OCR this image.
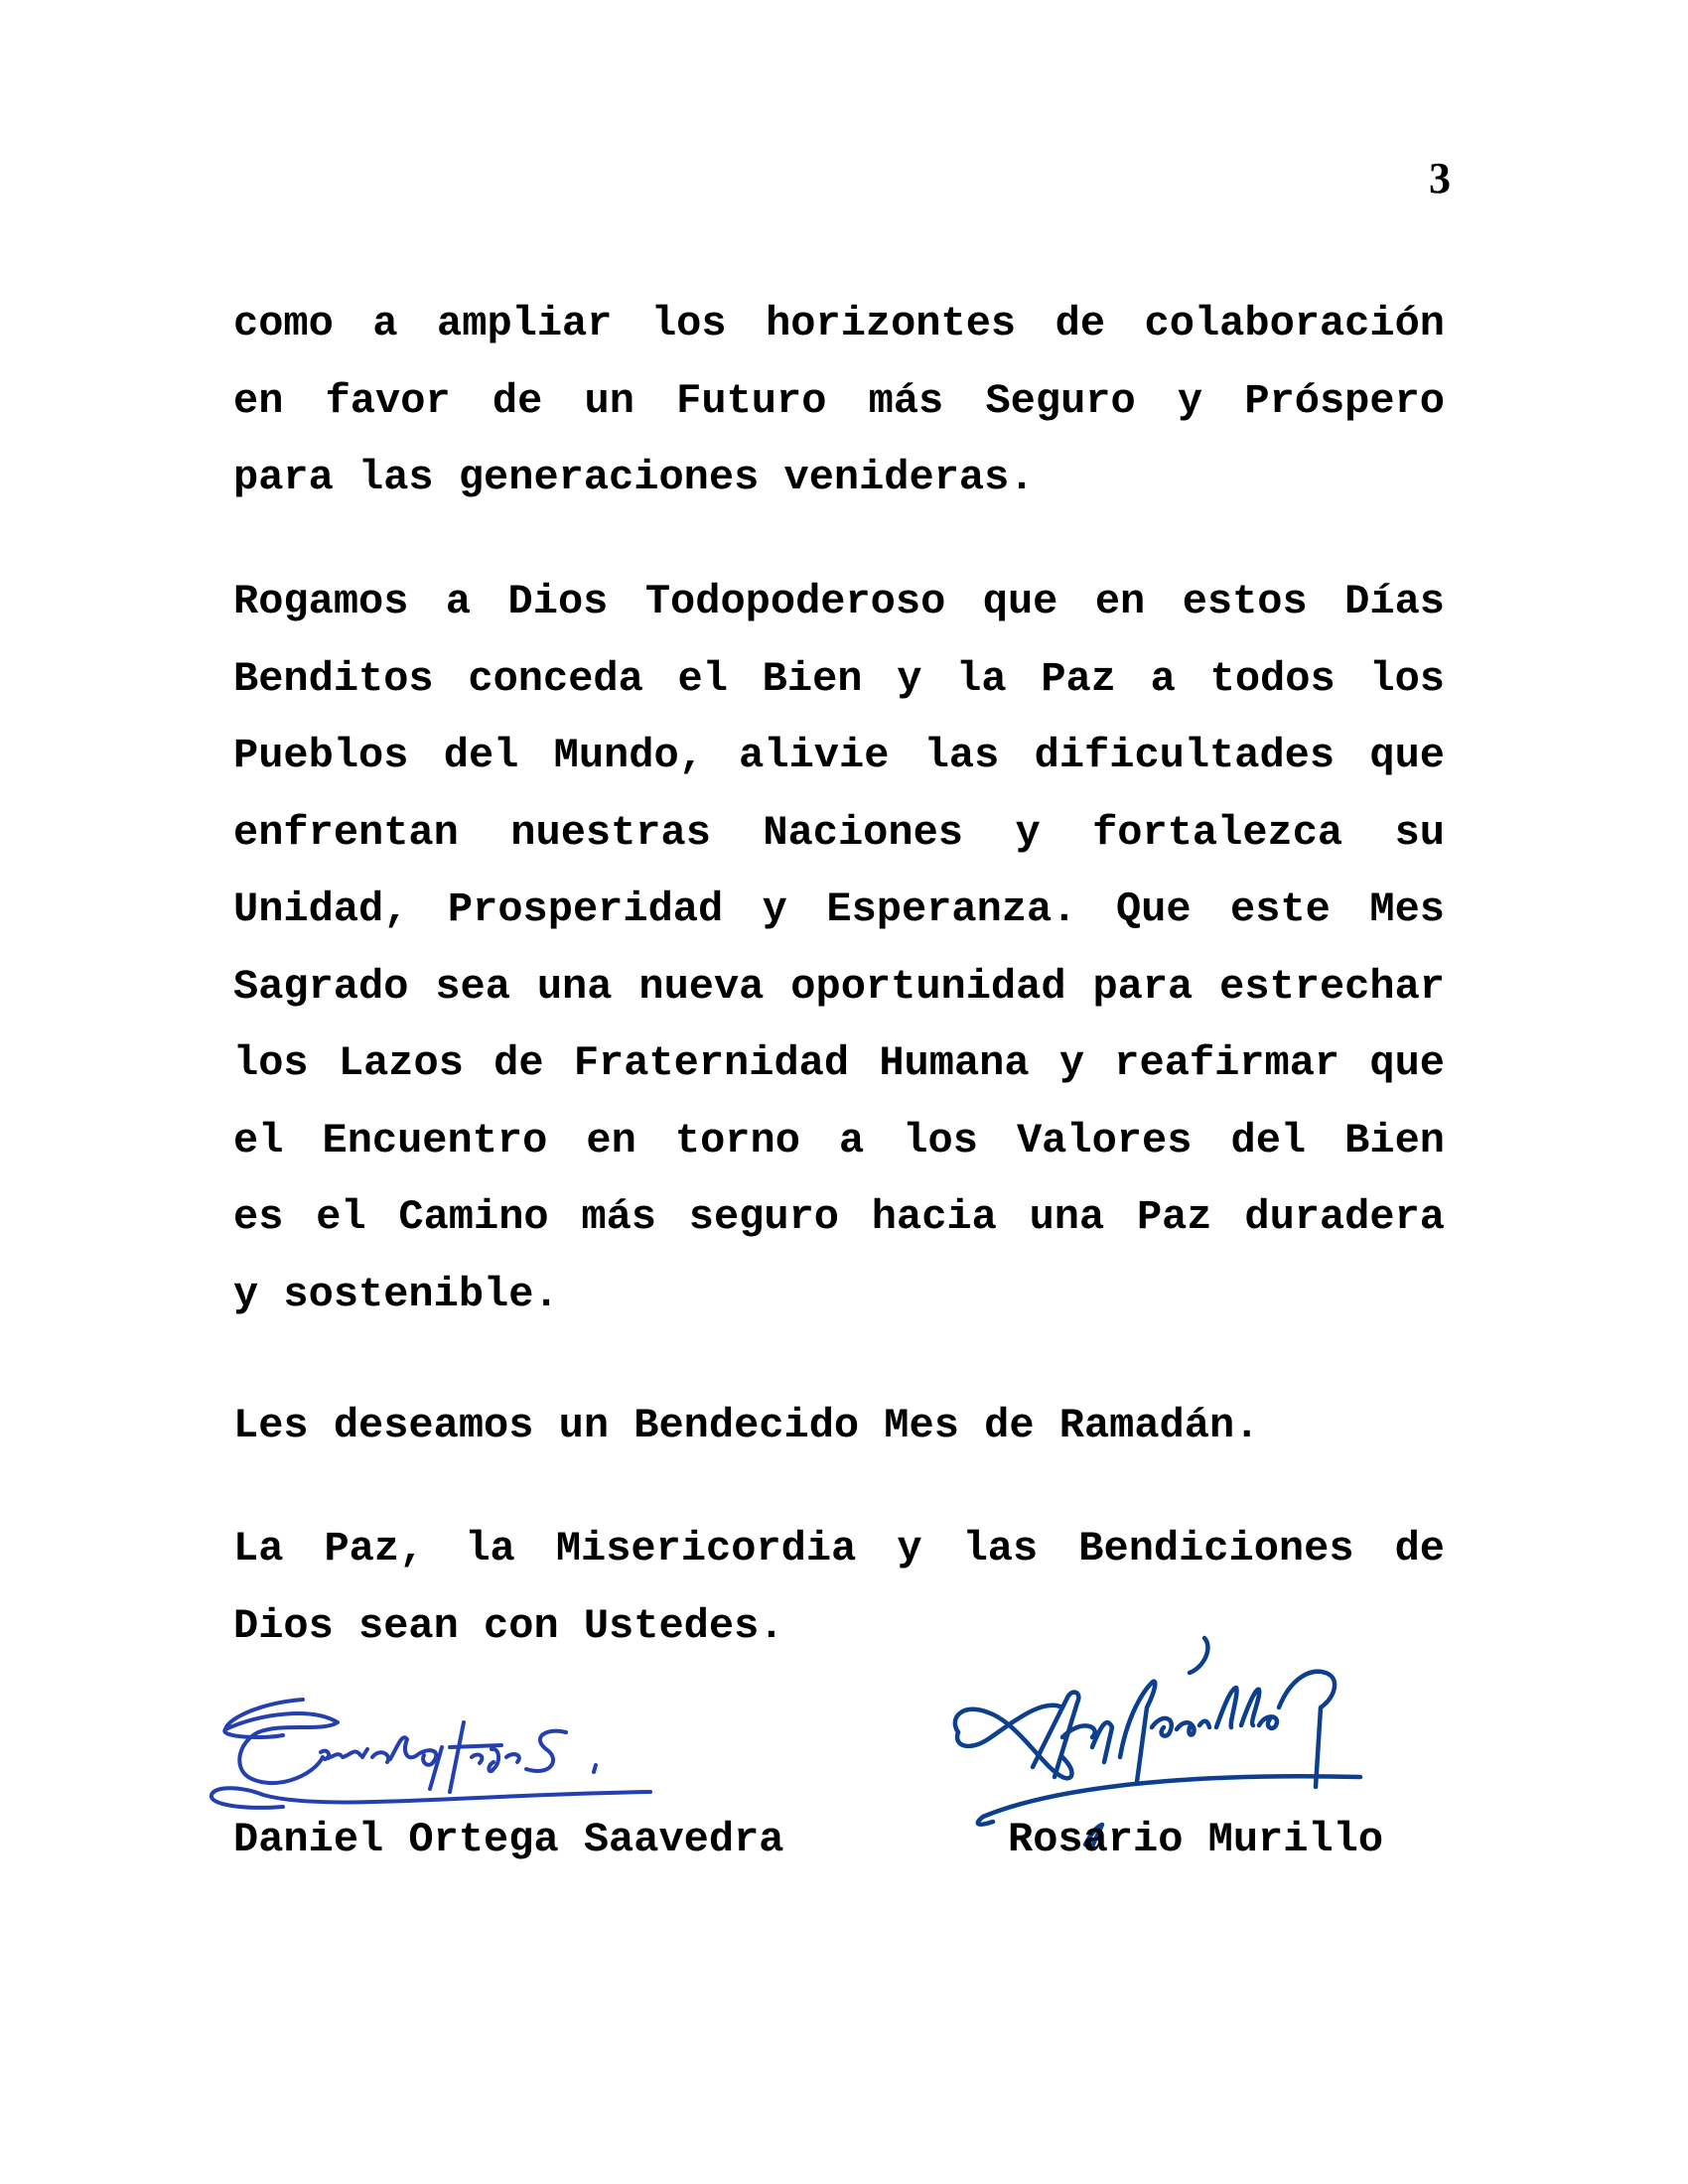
3
como a ampliar los horizontes de colaboración
en favor de un Futuro más Seguro y Próspero
para las generaciones venideras.
Rogamos a Dios Todopoderoso que en estos Días
Benditos conceda el Bien y la Paz a todos los
Pueblos del Mundo, alivie las dificultades que
enfrentan nuestras Naciones y fortalezca su
Unidad, Prosperidad y Esperanza. Que este Mes
Sagrado sea una nueva oportunidad para estrechar
los Lazos de Fraternidad Humana y reafirmar que
el Encuentro en torno a los Valores del Bien
es el Camino más seguro hacia una Paz duradera
y sostenible.
Les deseamos un Bendecido Mes de Ramadán.
La Paz, la Misericordia y las Bendiciones de
Dios sean con Ustedes.
Daniel Ortega Saavedra	Rosario Murillo
